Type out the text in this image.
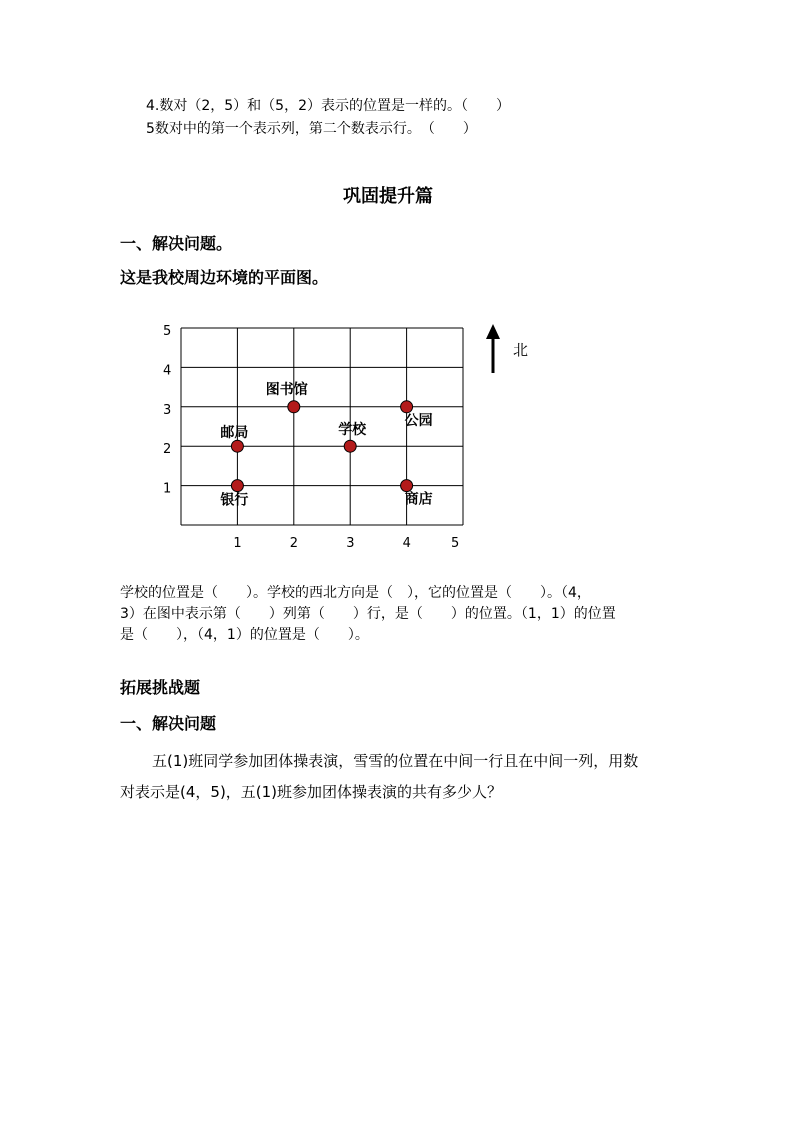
4.数对（2，5）和（5，2）表示的位置是一样的。（　　）
5数对中的第一个表示列，第二个数表示行。　（　　）
巩固提升篇
一、解决问题。
这是我校周边环境的平面图。
1	2	3	4	5
1
2
3
4
5
图书馆
公园
邮局	学校
银行	商店
北
学校的位置是（　　）。学校的西北方向是（　），它的位置是（　　）。（4，
3）在图中表示第（　　）列第（　　）行，是（　　）的位置。（1，1）的位置
是（　　），（4，1）的位置是（　　）。
拓展挑战题
一、解决问题
五(1)班同学参加团体操表演，雪雪的位置在中间一行且在中间一列，用数
对表示是(4，5)，五(1)班参加团体操表演的共有多少人？
